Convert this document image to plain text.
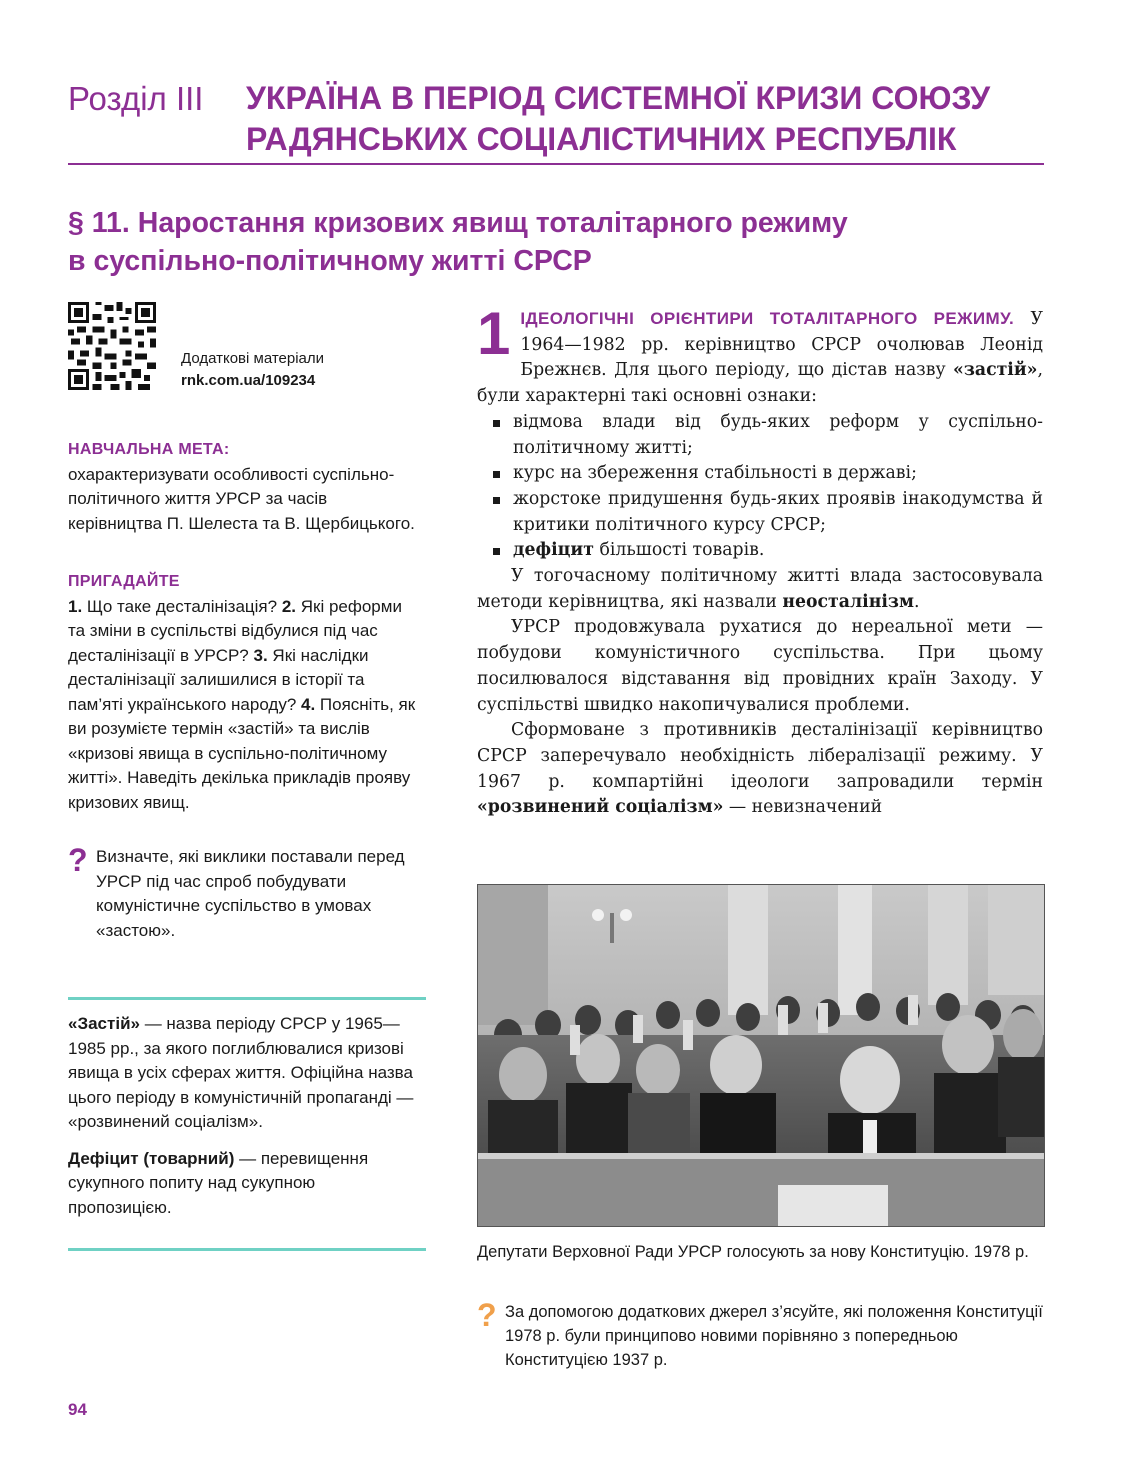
Розділ III УКРАЇНА В ПЕРІОД СИСТЕМНОЇ КРИЗИ СОЮЗУ РАДЯНСЬКИХ СОЦІАЛІСТИЧНИХ РЕСПУБЛІК
§ 11. Наростання кризових явищ тоталітарного режиму
в суспільно-політичному житті СРСР
Додаткові матеріали
rnk.com.ua/109234
НАВЧАЛЬНА МЕТА:
охарактеризувати особливості суспільно-політичного життя УРСР за часів керівництва П. Шелеста та В. Щербицького.
ПРИГАДАЙТЕ
1. Що таке десталінізація? 2. Які реформи та зміни в суспільстві відбулися під час десталінізації в УРСР? 3. Які наслідки десталінізації залишилися в історії та пам’яті українського народу? 4. Поясніть, як ви розумієте термін «застій» та вислів «кризові явища в суспільно-політичному житті». Наведіть декілька прикладів прояву кризових явищ.
? Визначте, які виклики поставали перед УРСР під час спроб побудувати комуністичне суспільство в умовах «застою».

«Застій» — назва періоду СРСР у 1965—1985 рр., за якого поглиблювалися кризові явища в усіх сферах життя. Офіційна назва цього періоду в комуністичній пропаганді — «розвинений соціалізм».

Дефіцит (товарний) — перевищення сукупного попиту над сукупною пропозицією.

1 ІДЕОЛОГІЧНІ ОРІЄНТИРИ ТОТАЛІТАРНОГО РЕЖИМУ. У 1964—1982 рр. керівництво СРСР очолював Леонід Брежнєв. Для цього періоду, що дістав назву «застій», були характерні такі основні ознаки:

відмова влади від будь-яких реформ у суспільно-політичному житті;
курс на збереження стабільності в державі;
жорстоке придушення будь-яких проявів інакодумства й критики політичного курсу СРСР;
дефіцит більшості товарів.

У тогочасному політичному житті влада застосовувала методи керівництва, які назвали неосталінізм.

УРСР продовжувала рухатися до нереальної мети — побудови комуністичного суспільства. При цьому посилювалося відставання від провідних країн Заходу. У суспільстві швидко накопичувалися проблеми.

Сформоване з противників десталінізації керівництво СРСР заперечувало необхідність лібералізації режиму. У 1967 р. компартійні ідеологи запровадили термін «розвинений соціалізм» — невизначений

Депутати Верховної Ради УРСР голосують за нову Конституцію. 1978 р.
? За допомогою додаткових джерел з’ясуйте, які положення Конституції 1978 р. були принципово новими порівняно з попередньою Конституцією 1937 р.
94
